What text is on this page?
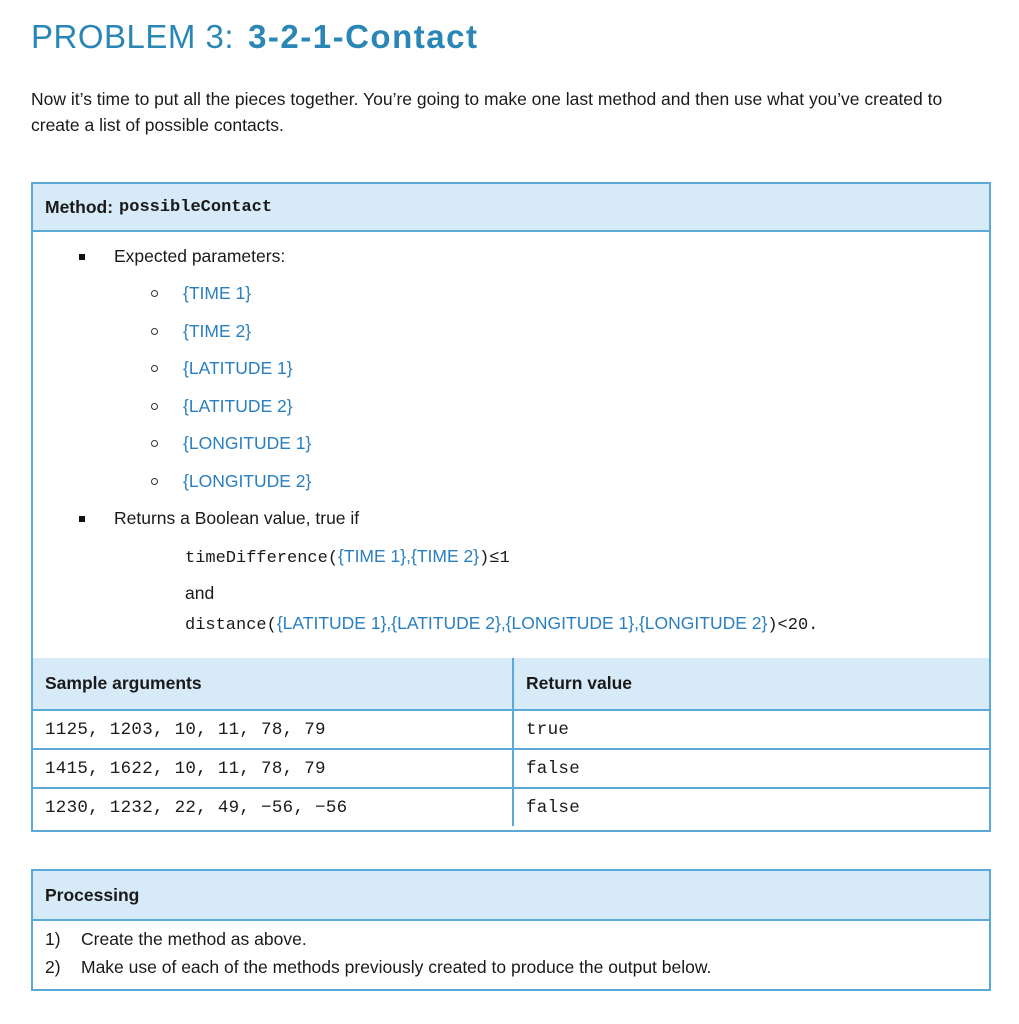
PROBLEM 3: 3-2-1-Contact
Now it’s time to put all the pieces together. You’re going to make one last method and then use what you’ve created to create a list of possible contacts.
Method: possibleContact
Expected parameters:
{TIME 1}
{TIME 2}
{LATITUDE 1}
{LATITUDE 2}
{LONGITUDE 1}
{LONGITUDE 2}
Returns a Boolean value, true if
timeDifference({TIME 1},{TIME 2})≤1
and
distance({LATITUDE 1},{LATITUDE 2},{LONGITUDE 1},{LONGITUDE 2})<20.
Sample arguments	Return value
1125, 1203, 10, 11, 78, 79	true
1415, 1622, 10, 11, 78, 79	false
1230, 1232, 22, 49, −56, −56	false
Processing
1)	Create the method as above.
2)	Make use of each of the methods previously created to produce the output below.
